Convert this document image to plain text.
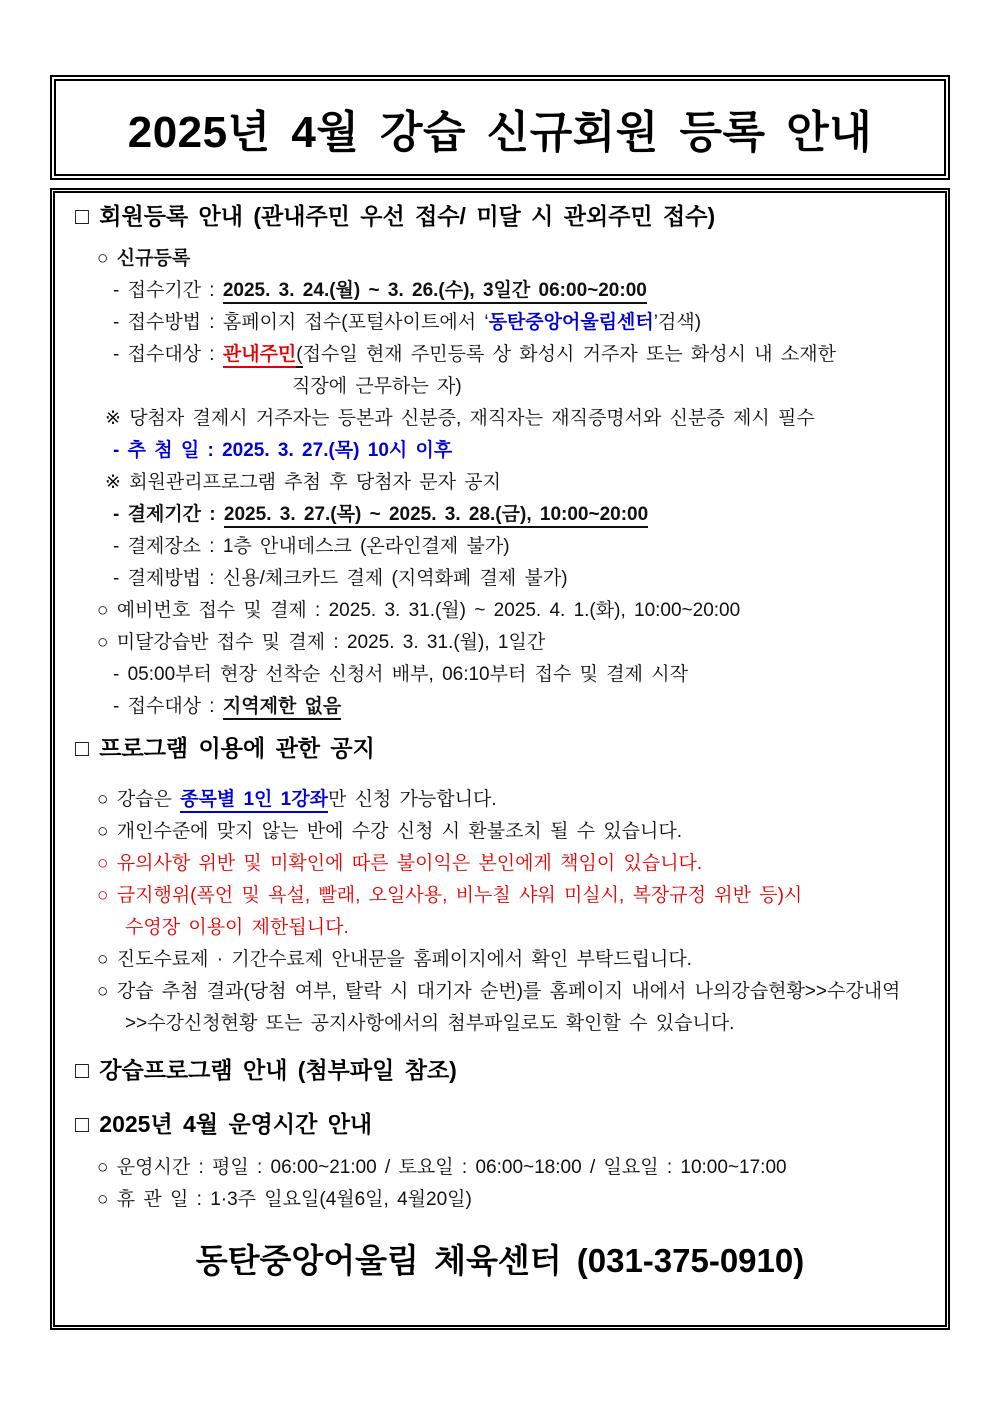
2025년 4월 강습 신규회원 등록 안내
□ 회원등록 안내 (관내주민 우선 접수/ 미달 시 관외주민 접수)
○ 신규등록
- 접수기간 : 2025. 3. 24.(월) ~ 3. 26.(수), 3일간 06:00~20:00
- 접수방법 : 홈페이지 접수(포털사이트에서 ‘동탄중앙어울림센터’검색)
- 접수대상 : 관내주민(접수일 현재 주민등록 상 화성시 거주자 또는 화성시 내 소재한
직장에 근무하는 자)
※ 당첨자 결제시 거주자는 등본과 신분증, 재직자는 재직증명서와 신분증 제시 필수
- 추 첨 일 : 2025. 3. 27.(목) 10시 이후
※ 회원관리프로그램 추첨 후 당첨자 문자 공지
- 결제기간 : 2025. 3. 27.(목) ~ 2025. 3. 28.(금), 10:00~20:00
- 결제장소 : 1층 안내데스크 (온라인결제 불가)
- 결제방법 : 신용/체크카드 결제 (지역화폐 결제 불가)
○ 예비번호 접수 및 결제 : 2025. 3. 31.(월) ~ 2025. 4. 1.(화), 10:00~20:00
○ 미달강습반 접수 및 결제 : 2025. 3. 31.(월), 1일간
- 05:00부터 현장 선착순 신청서 배부, 06:10부터 접수 및 결제 시작
- 접수대상 : 지역제한 없음
□ 프로그램 이용에 관한 공지
○ 강습은 종목별 1인 1강좌만 신청 가능합니다.
○ 개인수준에 맞지 않는 반에 수강 신청 시 환불조치 될 수 있습니다.
○ 유의사항 위반 및 미확인에 따른 불이익은 본인에게 책임이 있습니다.
○ 금지행위(폭언 및 욕설, 빨래, 오일사용, 비누칠 샤워 미실시, 복장규정 위반 등)시
수영장 이용이 제한됩니다.
○ 진도수료제 · 기간수료제 안내문을 홈페이지에서 확인 부탁드립니다.
○ 강습 추첨 결과(당첨 여부, 탈락 시 대기자 순번)를 홈페이지 내에서 나의강습현황>>수강내역
>>수강신청현황 또는 공지사항에서의 첨부파일로도 확인할 수 있습니다.
□ 강습프로그램 안내 (첨부파일 참조)
□ 2025년 4월 운영시간 안내
○ 운영시간 : 평일 : 06:00~21:00 / 토요일 : 06:00~18:00 / 일요일 : 10:00~17:00
○ 휴 관 일 : 1·3주 일요일(4월6일, 4월20일)
동탄중앙어울림 체육센터 (031-375-0910)
